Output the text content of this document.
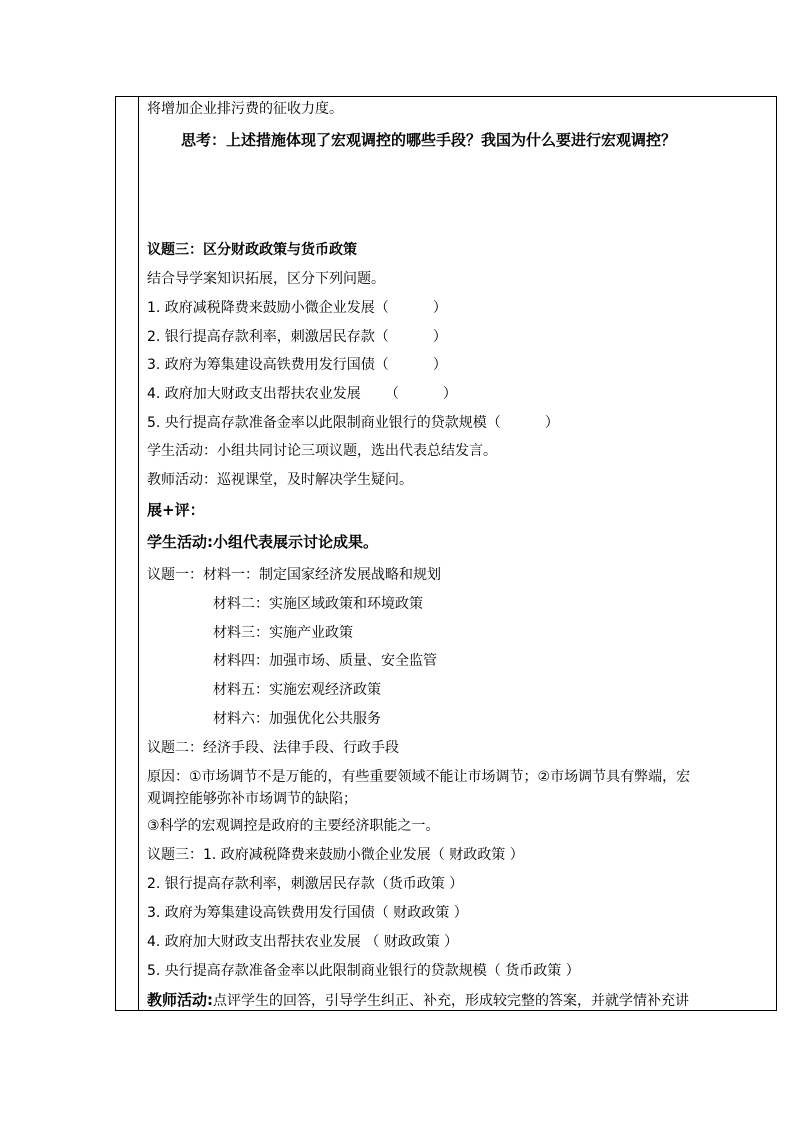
将增加企业排污费的征收力度。
思考：上述措施体现了宏观调控的哪些手段？我国为什么要进行宏观调控？
议题三：区分财政政策与货币政策
结合导学案知识拓展，区分下列问题。
1. 政府减税降费来鼓励小微企业发展（	）
2. 银行提高存款利率，刺激居民存款（	）
3. 政府为筹集建设高铁费用发行国债（	）
4. 政府加大财政支出帮扶农业发展 （	）
5. 央行提高存款准备金率以此限制商业银行的贷款规模（	）
学生活动：小组共同讨论三项议题，选出代表总结发言。
教师活动：巡视课堂，及时解决学生疑问。
展+评：
学生活动:小组代表展示讨论成果。
议题一：材料一：制定国家经济发展战略和规划
材料二：实施区域政策和环境政策
材料三：实施产业政策
材料四：加强市场、质量、安全监管
材料五：实施宏观经济政策
材料六：加强优化公共服务
议题二：经济手段、法律手段、行政手段
原因：①市场调节不是万能的，有些重要领域不能让市场调节；②市场调节具有弊端，宏
观调控能够弥补市场调节的缺陷；
③科学的宏观调控是政府的主要经济职能之一。
议题三：1. 政府减税降费来鼓励小微企业发展（ 财政政策 ）
2. 银行提高存款利率，刺激居民存款（货币政策 ）
3. 政府为筹集建设高铁费用发行国债（ 财政政策 ）
4. 政府加大财政支出帮扶农业发展 （ 财政政策 ）
5. 央行提高存款准备金率以此限制商业银行的贷款规模（ 货币政策 ）
教师活动:点评学生的回答，引导学生纠正、补充，形成较完整的答案，并就学情补充讲
